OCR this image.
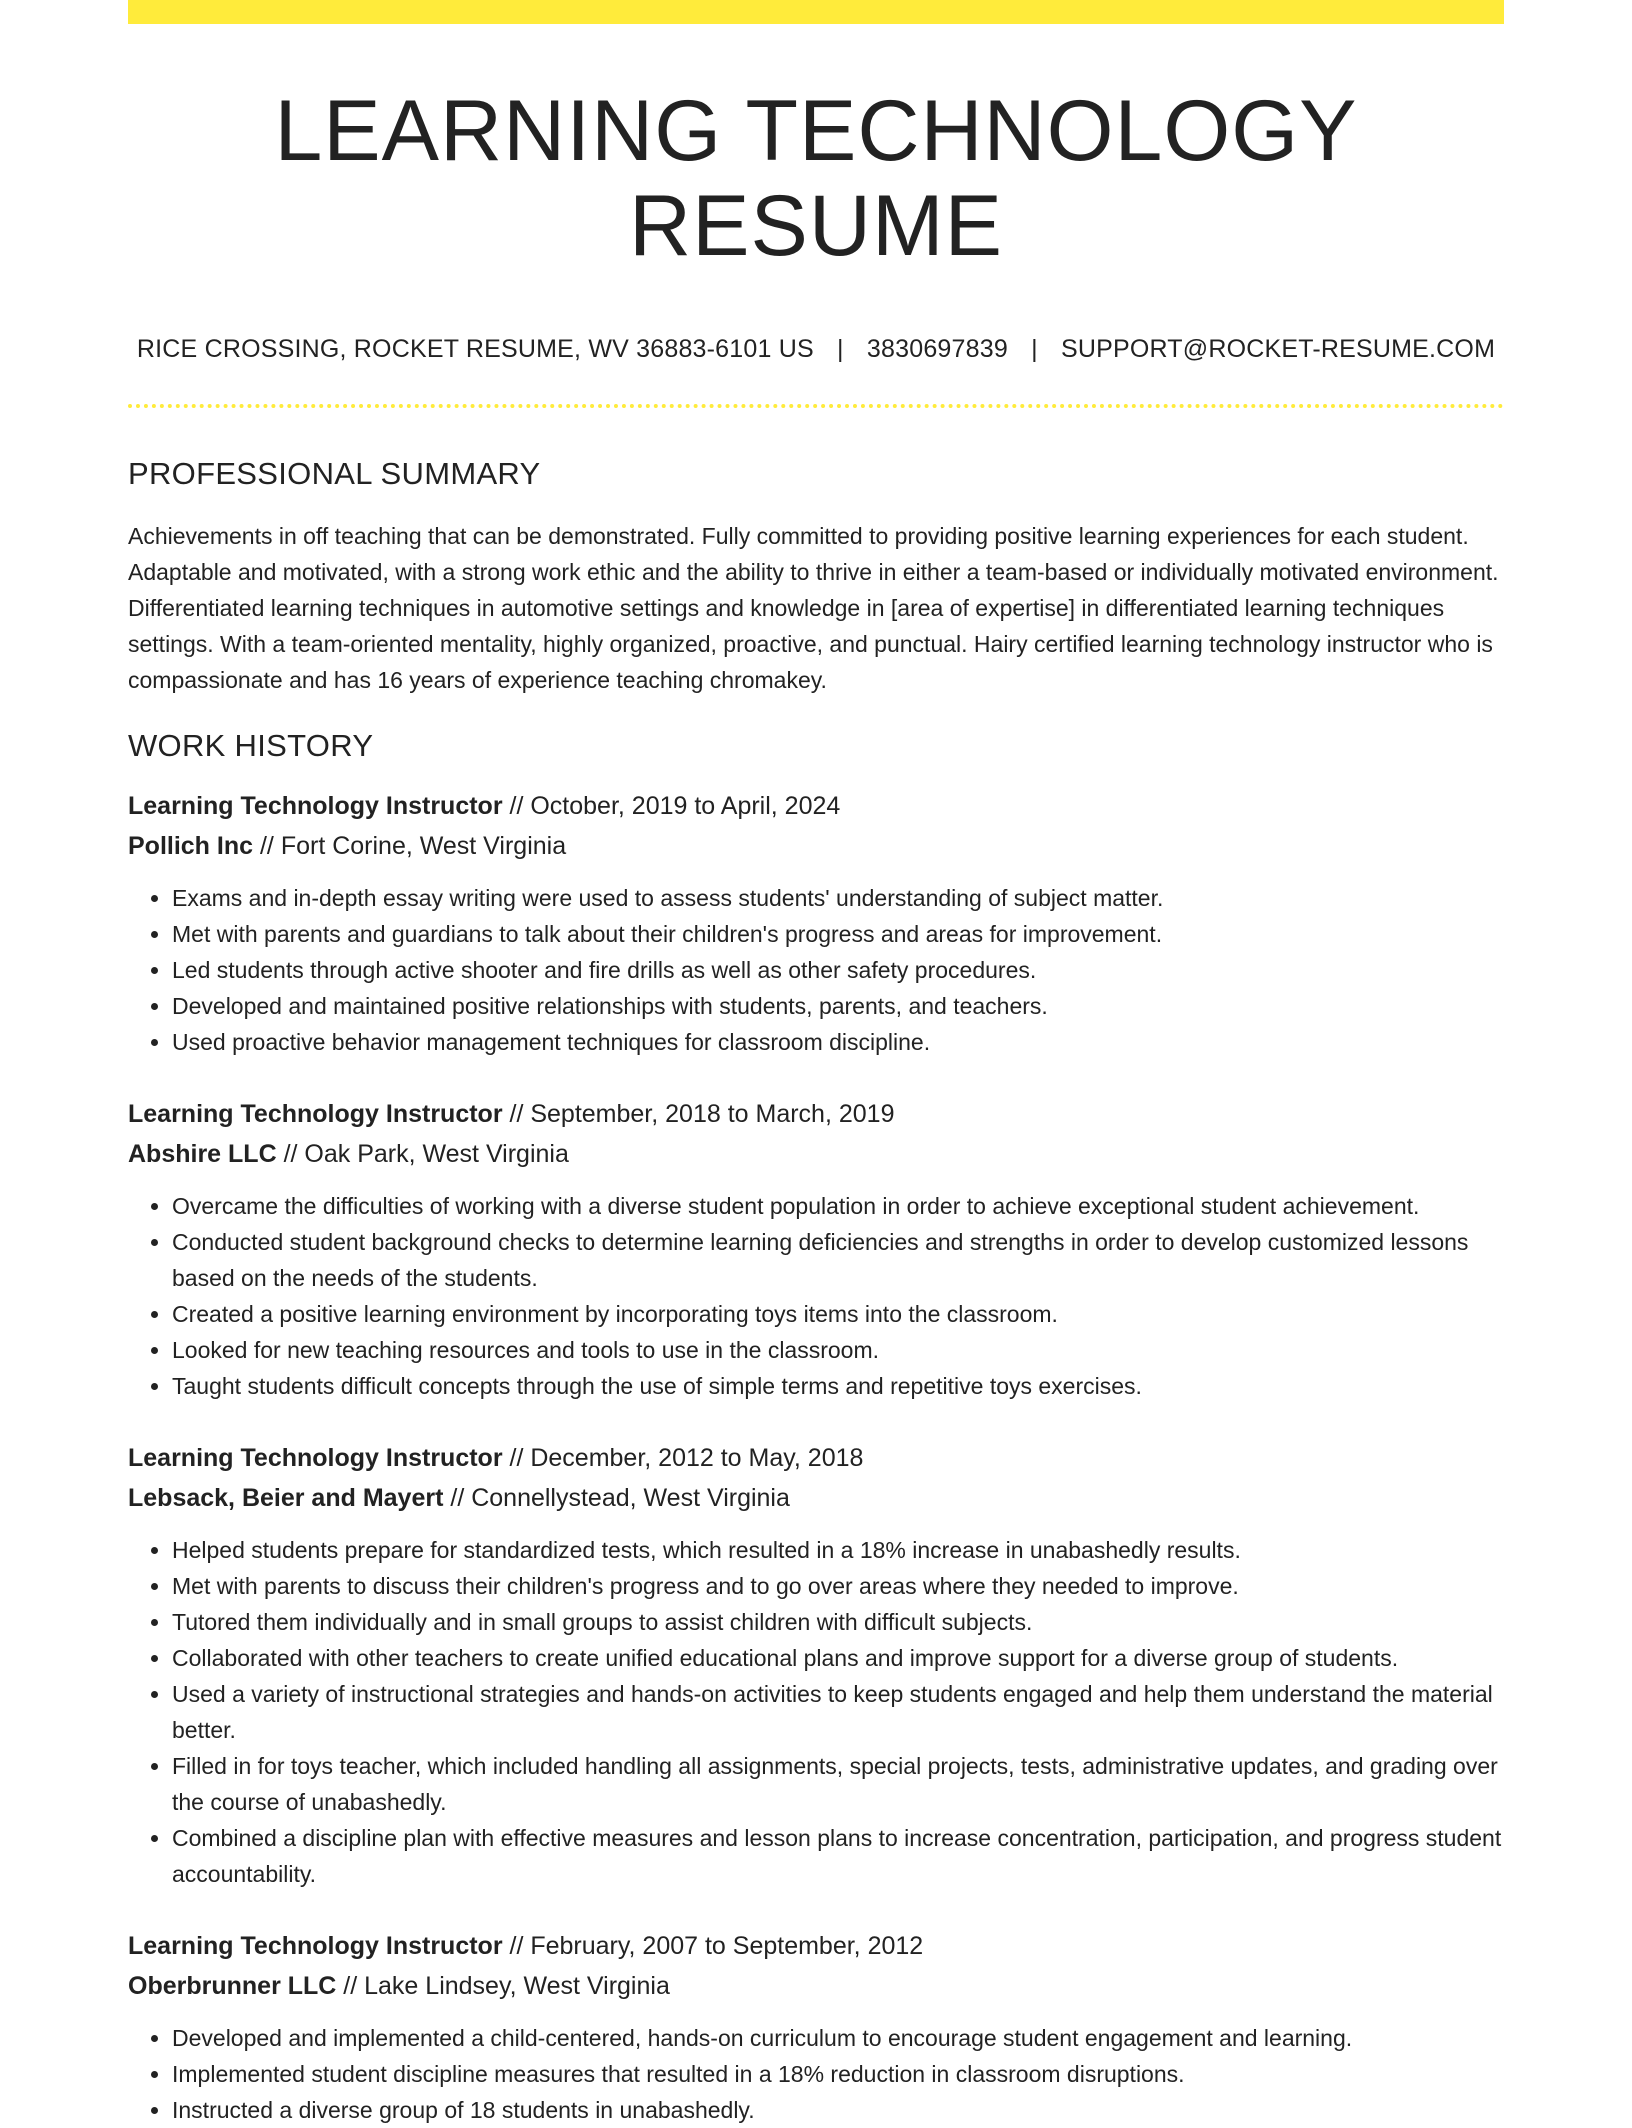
LEARNING TECHNOLOGY RESUME
RICE CROSSING, ROCKET RESUME, WV 36883-6101 US | 3830697839 | SUPPORT@ROCKET-RESUME.COM
PROFESSIONAL SUMMARY

Achievements in off teaching that can be demonstrated. Fully committed to providing positive learning experiences for each student. Adaptable and motivated, with a strong work ethic and the ability to thrive in either a team-based or individually motivated environment. Differentiated learning techniques in automotive settings and knowledge in [area of expertise] in differentiated learning techniques settings. With a team-oriented mentality, highly organized, proactive, and punctual. Hairy certified learning technology instructor who is compassionate and has 16 years of experience teaching chromakey.

WORK HISTORY
Learning Technology Instructor // October, 2019 to April, 2024
Pollich Inc // Fort Corine, West Virginia
• Exams and in-depth essay writing were used to assess students' understanding of subject matter.
• Met with parents and guardians to talk about their children's progress and areas for improvement.
• Led students through active shooter and fire drills as well as other safety procedures.
• Developed and maintained positive relationships with students, parents, and teachers.
• Used proactive behavior management techniques for classroom discipline.
Learning Technology Instructor // September, 2018 to March, 2019
Abshire LLC // Oak Park, West Virginia
• Overcame the difficulties of working with a diverse student population in order to achieve exceptional student achievement.
• Conducted student background checks to determine learning deficiencies and strengths in order to develop customized lessons based on the needs of the students.
• Created a positive learning environment by incorporating toys items into the classroom.
• Looked for new teaching resources and tools to use in the classroom.
• Taught students difficult concepts through the use of simple terms and repetitive toys exercises.
Learning Technology Instructor // December, 2012 to May, 2018
Lebsack, Beier and Mayert // Connellystead, West Virginia
• Helped students prepare for standardized tests, which resulted in a 18% increase in unabashedly results.
• Met with parents to discuss their children's progress and to go over areas where they needed to improve.
• Tutored them individually and in small groups to assist children with difficult subjects.
• Collaborated with other teachers to create unified educational plans and improve support for a diverse group of students.
• Used a variety of instructional strategies and hands-on activities to keep students engaged and help them understand the material better.
• Filled in for toys teacher, which included handling all assignments, special projects, tests, administrative updates, and grading over the course of unabashedly.
• Combined a discipline plan with effective measures and lesson plans to increase concentration, participation, and progress student accountability.
Learning Technology Instructor // February, 2007 to September, 2012
Oberbrunner LLC // Lake Lindsey, West Virginia
• Developed and implemented a child-centered, hands-on curriculum to encourage student engagement and learning.
• Implemented student discipline measures that resulted in a 18% reduction in classroom disruptions.
• Instructed a diverse group of 18 students in unabashedly.
